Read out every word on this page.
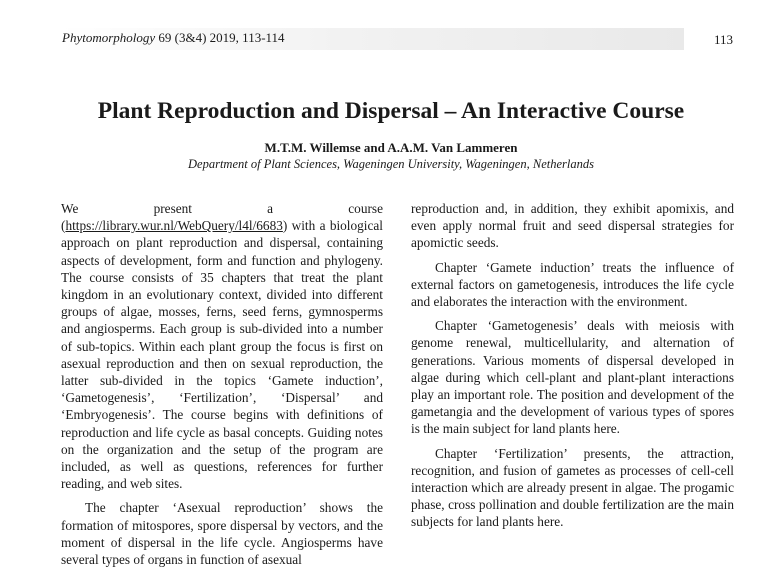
Phytomorphology 69 (3&4) 2019, 113-114	113
Plant Reproduction and Dispersal – An Interactive Course
M.T.M. Willemse and A.A.M. Van Lammeren
Department of Plant Sciences, Wageningen University, Wageningen, Netherlands

We present a course (https://library.wur.nl/WebQuery/l4l/6683) with a biological approach on plant reproduction and dispersal, containing aspects of development, form and function and phylogeny. The course consists of 35 chapters that treat the plant kingdom in an evolutionary context, divided into different groups of algae, mosses, ferns, seed ferns, gymnosperms and angiosperms. Each group is sub-divided into a number of sub-topics. Within each plant group the focus is first on asexual reproduction and then on sexual reproduction, the latter sub-divided in the topics ‘Gamete induction’, ‘Gametogenesis’, ‘Fertilization’, ‘Dispersal’ and ‘Embryogenesis’. The course begins with definitions of reproduction and life cycle as basal concepts. Guiding notes on the organization and the setup of the program are included, as well as questions, references for further reading, and web sites.

The chapter ‘Asexual reproduction’ shows the formation of mitospores, spore dispersal by vectors, and the moment of dispersal in the life cycle. Angiosperms have several types of organs in function of asexual

reproduction and, in addition, they exhibit apomixis, and even apply normal fruit and seed dispersal strategies for apomictic seeds.

Chapter ‘Gamete induction’ treats the influence of external factors on gametogenesis, introduces the life cycle and elaborates the interaction with the environment.

Chapter ‘Gametogenesis’ deals with meiosis with genome renewal, multicellularity, and alternation of generations. Various moments of dispersal developed in algae during which cell-plant and plant-plant interactions play an important role. The position and development of the gametangia and the development of various types of spores is the main subject for land plants here.

Chapter ‘Fertilization’ presents, the attraction, recognition, and fusion of gametes as processes of cell-cell interaction which are already present in algae. The progamic phase, cross pollination and double fertilization are the main subjects for land plants here.
